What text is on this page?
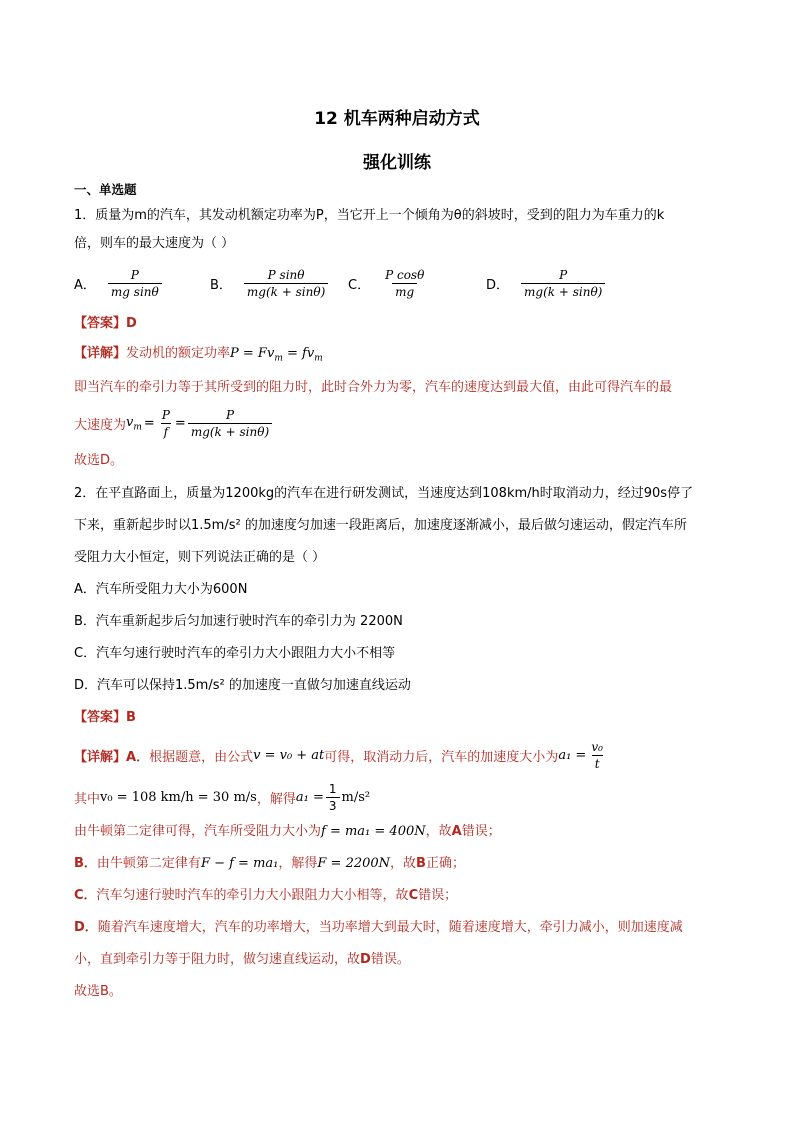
12 机车两种启动方式
强化训练
一、单选题
1．质量为m的汽车，其发动机额定功率为P，当它开上一个倾角为θ的斜坡时，受到的阻力为车重力的k
倍，则车的最大速度为（ ）
A． $\frac{P}{\text{mg sinθ}}$	B． $\frac{\text{P sinθ}}{mg(k + \sin\theta)}$ C． $\frac{\text{P cosθ}}{mg}$	D． $\frac{P}{mg(k + \sin\theta)}$
【答案】D
【详解】发动机的额定功率$P = Fv_m = fv_m$
即当汽车的牵引力等于其所受到的阻力时，此时合外力为零，汽车的速度达到最大值，由此可得汽车的最
大速度为 $v_m = \frac{P}{f} = \frac{P}{mg(k + \sin\theta)}$
故选D。
2．在平直路面上，质量为1200kg的汽车在进行研发测试，当速度达到108km/h时取消动力，经过90s停了
下来，重新起步时以1.5m/s² 的加速度匀加速一段距离后，加速度逐渐减小，最后做匀速运动，假定汽车所
受阻力大小恒定，则下列说法正确的是（ ）
A．汽车所受阻力大小为600N
B．汽车重新起步后匀加速行驶时汽车的牵引力为 2200N
C．汽车匀速行驶时汽车的牵引力大小跟阻力大小不相等
D．汽车可以保持1.5m/s² 的加速度一直做匀加速直线运动
【答案】B
【详解】 A． 根据题意，由公式 v = v₀ + at 可得，取消动力后，汽车的加速度大小为 $a_1 = \frac{\text{v₀}}{t}$
其中 v₀ = 108 km/h = 30 m/s ，解得 $a_1 = \frac{1}{3} m/s^2$
由牛顿第二定律可得，汽车所受阻力大小为f = ma₁ = 400N，故A错误；
B．由牛顿第二定律有F − f = ma₁，解得F = 2200N，故B正确；
C．汽车匀速行驶时汽车的牵引力大小跟阻力大小相等，故C错误；
D．随着汽车速度增大，汽车的功率增大，当功率增大到最大时，随着速度增大，牵引力减小，则加速度减
小，直到牵引力等于阻力时，做匀速直线运动，故D错误。
故选B。
